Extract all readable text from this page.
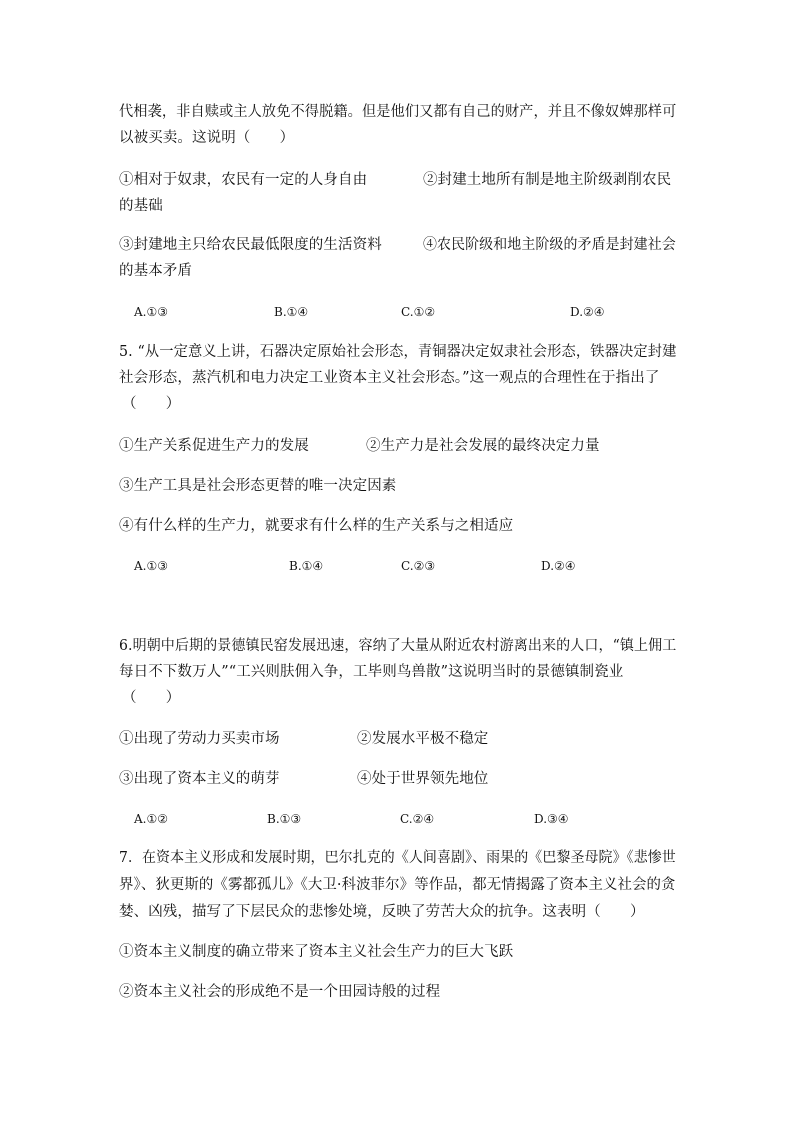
代相袭，非自赎或主人放免不得脱籍。但是他们又都有自己的财产，并且不像奴婢那样可
以被买卖。这说明（　　）
①相对于奴隶，农民有一定的人身自由	②封建土地所有制是地主阶级剥削农民
的基础
③封建地主只给农民最低限度的生活资料	④农民阶级和地主阶级的矛盾是封建社会
的基本矛盾
A.①③	B.①④	C.①②	D.②④
5. “从一定意义上讲，石器决定原始社会形态，青铜器决定奴隶社会形态，铁器决定封建
社会形态，蒸汽机和电力决定工业资本主义社会形态。”这一观点的合理性在于指出了
（　　）
①生产关系促进生产力的发展	②生产力是社会发展的最终决定力量
③生产工具是社会形态更替的唯一决定因素
④有什么样的生产力，就要求有什么样的生产关系与之相适应
A.①③	B.①④	C.②③	D.②④
6.明朝中后期的景德镇民窑发展迅速，容纳了大量从附近农村游离出来的人口，“镇上佣工
每日不下数万人”“工兴则肤佣入争，工毕则鸟兽散”这说明当时的景德镇制瓷业
（　　）
①出现了劳动力买卖市场	②发展水平极不稳定
③出现了资本主义的萌芽	④处于世界领先地位
A.①②	B.①③	C.②④	D.③④
7．在资本主义形成和发展时期，巴尔扎克的《人间喜剧》、雨果的《巴黎圣母院》《悲惨世
界》、狄更斯的《雾都孤儿》《大卫·科波菲尔》等作品，都无情揭露了资本主义社会的贪
婪、凶残，描写了下层民众的悲惨处境，反映了劳苦大众的抗争。这表明（　　）
①资本主义制度的确立带来了资本主义社会生产力的巨大飞跃
②资本主义社会的形成绝不是一个田园诗般的过程
